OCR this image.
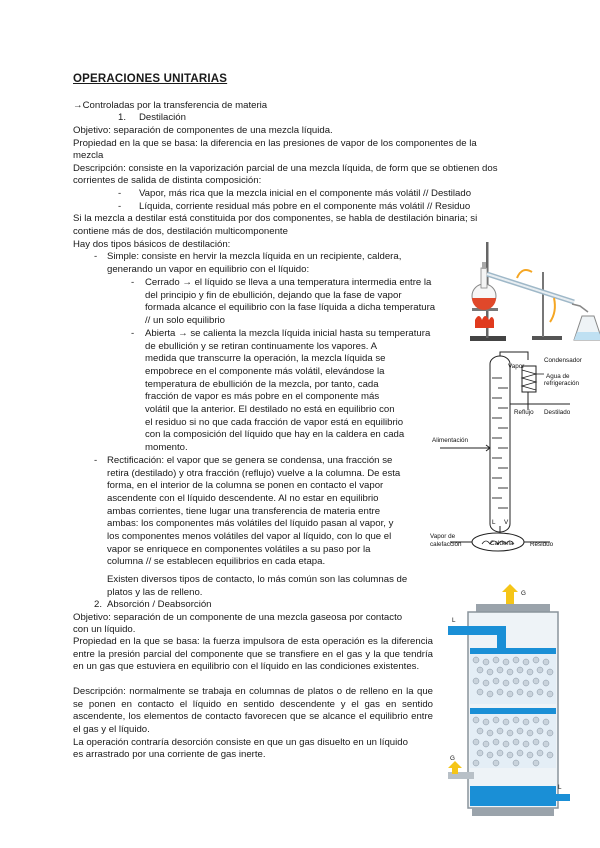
OPERACIONES UNITARIAS
→Controladas por la transferencia de materia
1. Destilación
Objetivo: separación de componentes de una mezcla líquida.
Propiedad en la que se basa: la diferencia en las presiones de vapor de los componentes de la
mezcla
Descripción: consiste en la vaporización parcial de una mezcla líquida, de form que se obtienen dos
corrientes de salida de distinta composición:
- Vapor, más rica que la mezcla inicial en el componente más volátil // Destilado
- Líquida, corriente residual más pobre en el componente más volátil // Residuo
Si la mezcla a destilar está constituida por dos componentes, se habla de destilación binaria; si
contiene más de dos, destilación multicomponente
Hay dos tipos básicos de destilación:
- Simple: consiste en hervir la mezcla líquida en un recipiente, caldera,
generando un vapor en equilibrio con el líquido:
- Cerrado → el líquido se lleva a una temperatura intermedia entre la
del principio y fin de ebullición, dejando que la fase de vapor
formada alcance el equilibrio con la fase líquida a dicha temperatura
// un solo equilibrio
- Abierta → se calienta la mezcla líquida inicial hasta su temperatura
de ebullición y se retiran continuamente los vapores. A
medida que transcurre la operación, la mezcla líquida se
empobrece en el componente más volátil, elevándose la
temperatura de ebullición de la mezcla, por tanto, cada
fracción de vapor es más pobre en el componente más
volátil que la anterior. El destilado no está en equilibrio con
el residuo si no que cada fracción de vapor está en equilibrio
con la composición del líquido que hay en la caldera en cada
momento.
- Rectificación: el vapor que se genera se condensa, una fracción se
retira (destilado) y otra fracción (reflujo) vuelve a la columna. De esta
forma, en el interior de la columna se ponen en contacto el vapor
ascendente con el líquido descendente. Al no estar en equilibrio
ambas corrientes, tiene lugar una transferencia de materia entre
ambas: los componentes más volátiles del líquido pasan al vapor, y
los componentes menos volátiles del vapor al líquido, con lo que el
vapor se enriquece en componentes volátiles a su paso por la
columna // se establecen equilibrios en cada etapa.
Existen diversos tipos de contacto, lo más común son las columnas de
platos y las de relleno.
2. Absorción / Deabsorción
Objetivo: separación de un componente de una mezcla gaseosa por contacto
con un líquido.
Propiedad en la que se basa: la fuerza impulsora de esta operación es la diferencia entre la presión parcial del componente que se transfiere en el gas y la que tendría en un gas que estuviera en equilibrio con el líquido en las condiciones existentes.
Descripción: normalmente se trabaja en columnas de platos o de relleno en la que se ponen en contacto el líquido en sentido descendente y el gas en sentido ascendente, los elementos de contacto favorecen que se alcance el equilibrio entre el gas y el líquido.
La operación contraría desorción consiste en que un gas disuelto en un líquido
es arrastrado por una corriente de gas inerte.
Vapor
Condensador
Agua de
refrigeración
Reflujo Destilado
Alimentación
Vapor de
calefacción	Calderia	Residuo
L V
G
L
G
L
